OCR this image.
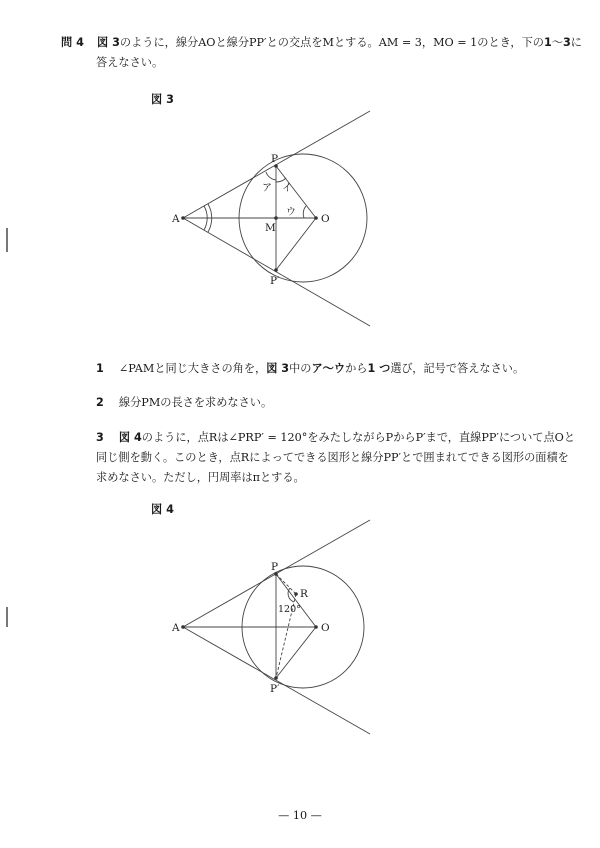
問 4 図 3のように，線分AOと線分PP′との交点をMとする。AM = 3，MO = 1のとき，下の1〜3に
答えなさい。
図 3
A
P
P′
M
O
ア イ
ウ
1 ∠PAMと同じ大きさの角を，図 3中のア〜ウから1 つ選び，記号で答えなさい。
2 線分PMの長さを求めなさい。
3 図 4のように，点Rは∠PRP′ = 120°をみたしながらPからP′まで，直線PP′について点Oと
同じ側を動く。このとき，点Rによってできる図形と線分PP′とで囲まれてできる図形の面積を
求めなさい。ただし，円周率はπとする。
図 4
A
P
P′
O
R
120°
— 10 —
